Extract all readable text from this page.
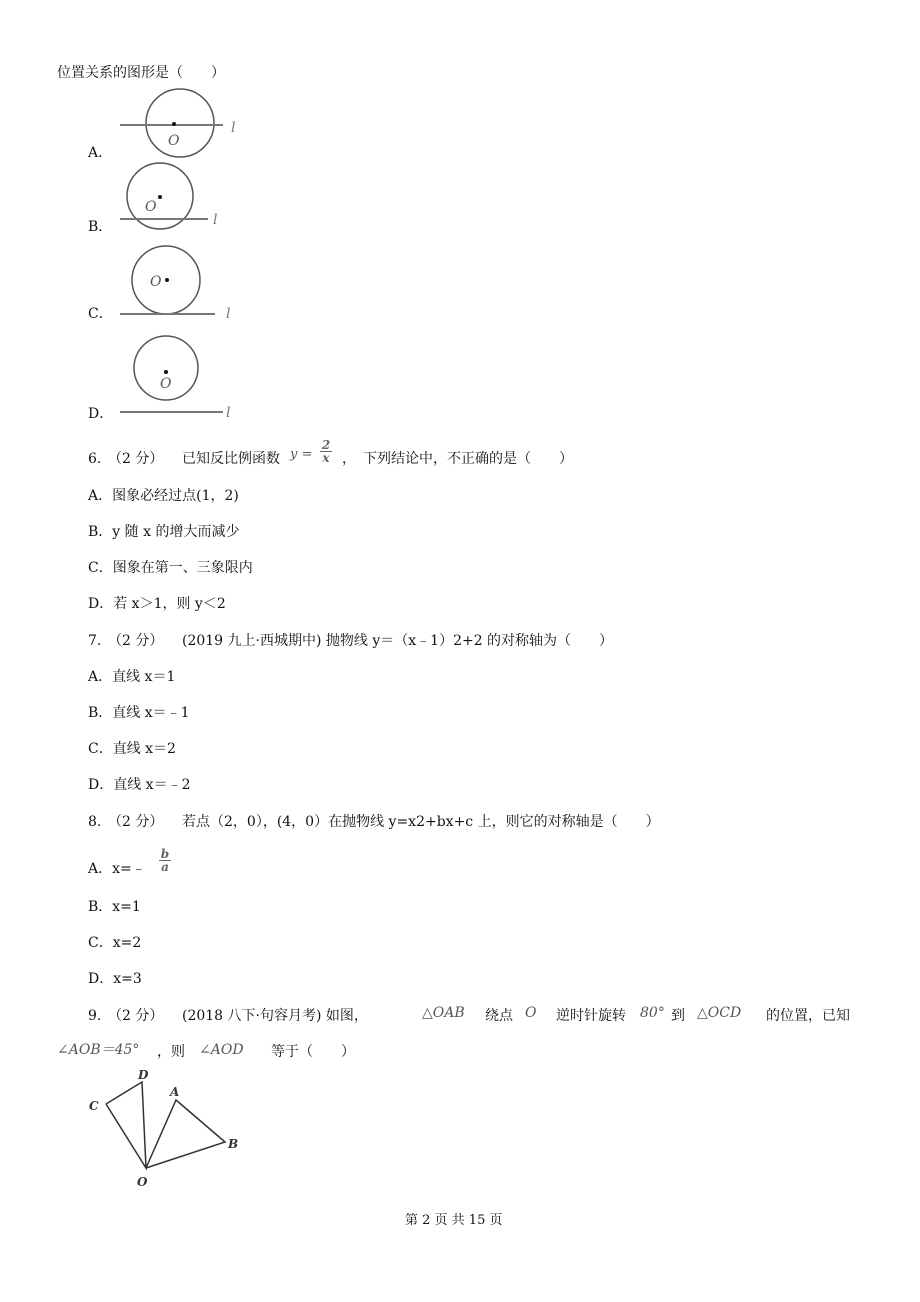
位置关系的图形是（　　）
A．
O
l
B．
O
l
C．
O
l
D．
O
l
6. （2 分） 已知反比例函数 $y = \frac{2}{x}$ ，　下列结论中，不正确的是（　　）
A．图象必经过点(1，2)
B．y 随 x 的增大而减少
C．图象在第一、三象限内
D．若 x＞1，则 y＜2
7. （2 分） (2019 九上·西城期中) 抛物线 y＝（x﹣1）2+2 的对称轴为（　　）
A．直线 x＝1
B．直线 x＝﹣1
C．直线 x＝2
D．直线 x＝﹣2
8. （2 分） 若点（2，0），(4，0）在抛物线 y=x2+bx+c 上，则它的对称轴是（　　）
A．x=﹣ $\frac{b}{a}$
B．x=1
C．x=2
D．x=3
9. （2 分） (2018 八下·句容月考) 如图，	△OAB 绕点 O 逆时针旋转 80° 到 △OCD 的位置，已知
∠AOB＝45° ，则 ∠AOD 等于（　　）
D
C
A
B
O
第 2 页 共 15 页
